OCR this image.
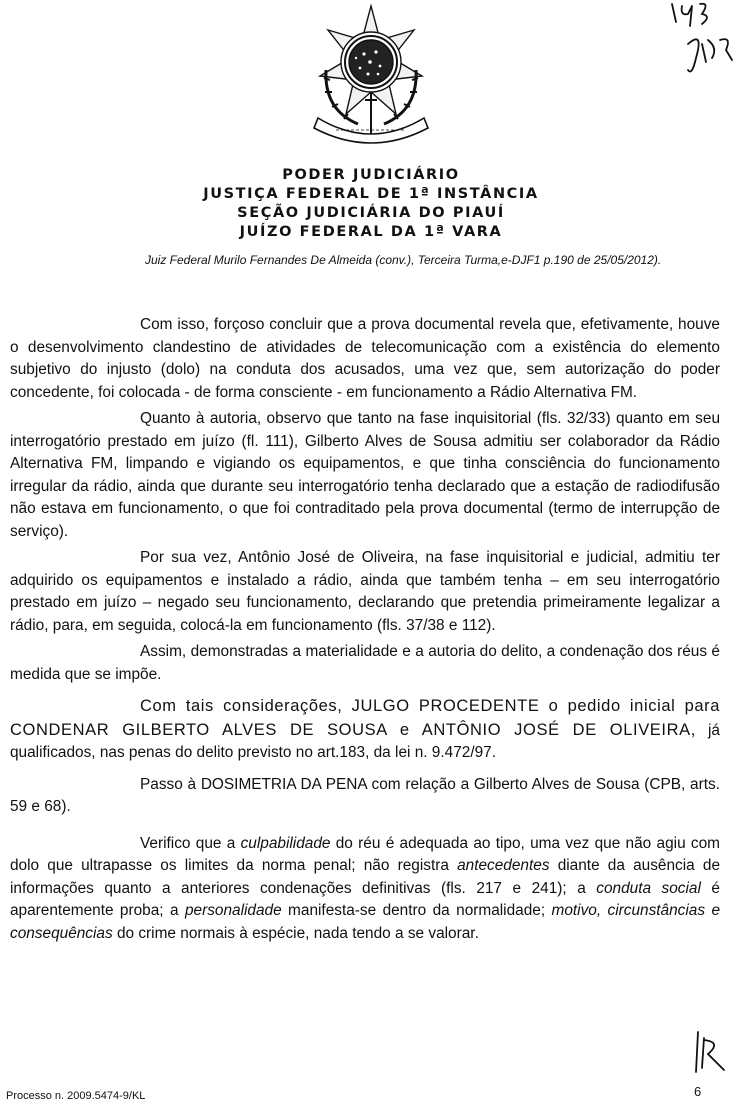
PODER JUDICIÁRIO
JUSTIÇA FEDERAL DE 1ª INSTÂNCIA
SEÇÃO JUDICIÁRIA DO PIAUÍ
JUÍZO FEDERAL DA 1ª VARA
Juiz Federal Murilo Fernandes De Almeida (conv.), Terceira Turma,e-DJF1 p.190 de 25/05/2012).

Com isso, forçoso concluir que a prova documental revela que, efetivamente, houve o desenvolvimento clandestino de atividades de telecomunicação com a existência do elemento subjetivo do injusto (dolo) na conduta dos acusados, uma vez que, sem autorização do poder concedente, foi colocada - de forma consciente - em funcionamento a Rádio Alternativa FM.

Quanto à autoria, observo que tanto na fase inquisitorial (fls. 32/33) quanto em seu interrogatório prestado em juízo (fl. 111), Gilberto Alves de Sousa admitiu ser colaborador da Rádio Alternativa FM, limpando e vigiando os equipamentos, e que tinha consciência do funcionamento irregular da rádio, ainda que durante seu interrogatório tenha declarado que a estação de radiodifusão não estava em funcionamento, o que foi contraditado pela prova documental (termo de interrupção de serviço).

Por sua vez, Antônio José de Oliveira, na fase inquisitorial e judicial, admitiu ter adquirido os equipamentos e instalado a rádio, ainda que também tenha – em seu interrogatório prestado em juízo – negado seu funcionamento, declarando que pretendia primeiramente legalizar a rádio, para, em seguida, colocá-la em funcionamento (fls. 37/38 e 112).

Assim, demonstradas a materialidade e a autoria do delito, a condenação dos réus é medida que se impõe.

Com tais considerações, JULGO PROCEDENTE o pedido inicial para CONDENAR GILBERTO ALVES DE SOUSA e ANTÔNIO JOSÉ DE OLIVEIRA, já qualificados, nas penas do delito previsto no art.183, da lei n. 9.472/97.

Passo à DOSIMETRIA DA PENA com relação a Gilberto Alves de Sousa (CPB, arts. 59 e 68).

Verifico que a culpabilidade do réu é adequada ao tipo, uma vez que não agiu com dolo que ultrapasse os limites da norma penal; não registra antecedentes diante da ausência de informações quanto a anteriores condenações definitivas (fls. 217 e 241); a conduta social é aparentemente proba; a personalidade manifesta-se dentro da normalidade; motivo, circunstâncias e consequências do crime normais à espécie, nada tendo a se valorar.

Processo n. 2009.5474-9/KL	6
